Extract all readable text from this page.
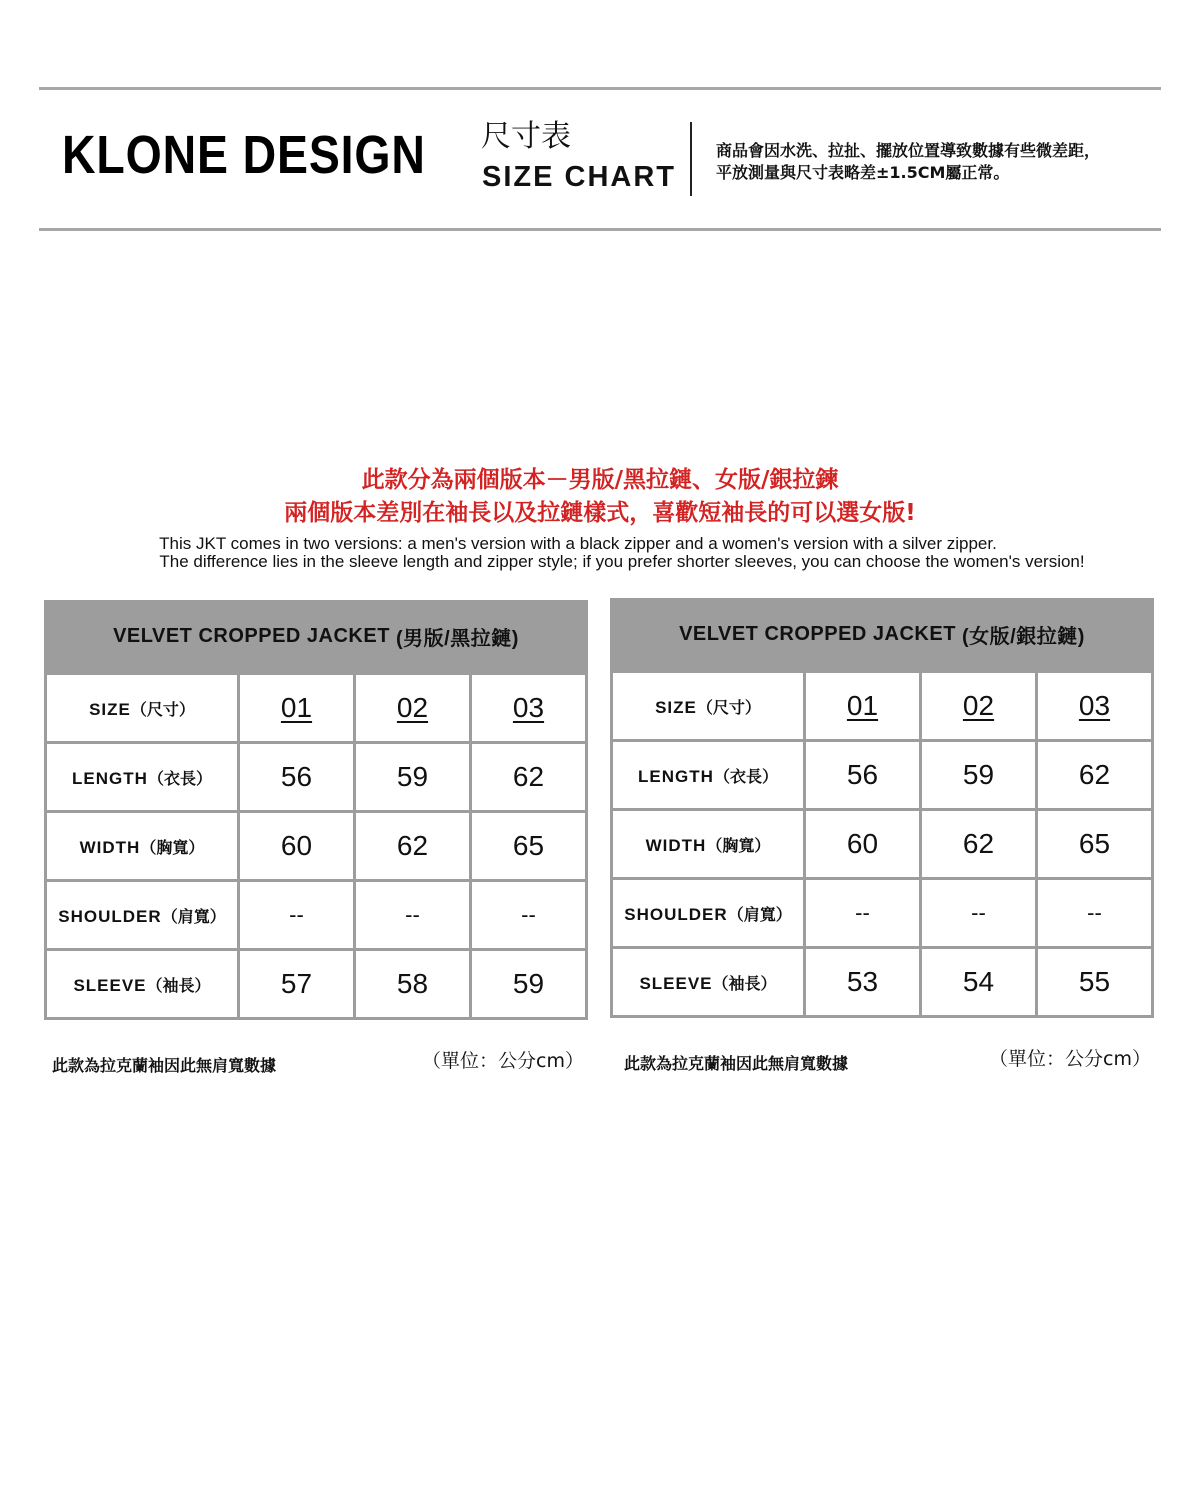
KLONE DESIGN 尺寸表
SIZE CHART
商品會因水洗、拉扯、擺放位置導致數據有些微差距，
平放測量與尺寸表略差±1.5CM屬正常。
此款分為兩個版本－男版/黑拉鏈、女版/銀拉鍊
兩個版本差別在袖長以及拉鏈樣式，喜歡短袖長的可以選女版!
This JKT comes in two versions: a men's version with a black zipper and a women's version with a silver zipper.
The difference lies in the sleeve length and zipper style; if you prefer shorter sleeves, you can choose the women's version!
VELVET CROPPED JACKET
(男版/黑拉鏈)
SIZE（尺寸）	01	02	03
LENGTH（衣長）	56	59	62
WIDTH（胸寬）	60	62	65
SHOULDER（肩寬）	--	--	--
SLEEVE（袖長）	57	58	59
VELVET CROPPED JACKET
(女版/銀拉鏈)
SIZE（尺寸）	01	02	03
LENGTH（衣長）	56	59	62
WIDTH（胸寬）	60	62	65
SHOULDER（肩寬）	--	--	--
SLEEVE（袖長）	53	54	55
此款為拉克蘭袖因此無肩寬數據	（單位：公分cm）	此款為拉克蘭袖因此無肩寬數據	（單位：公分cm）
